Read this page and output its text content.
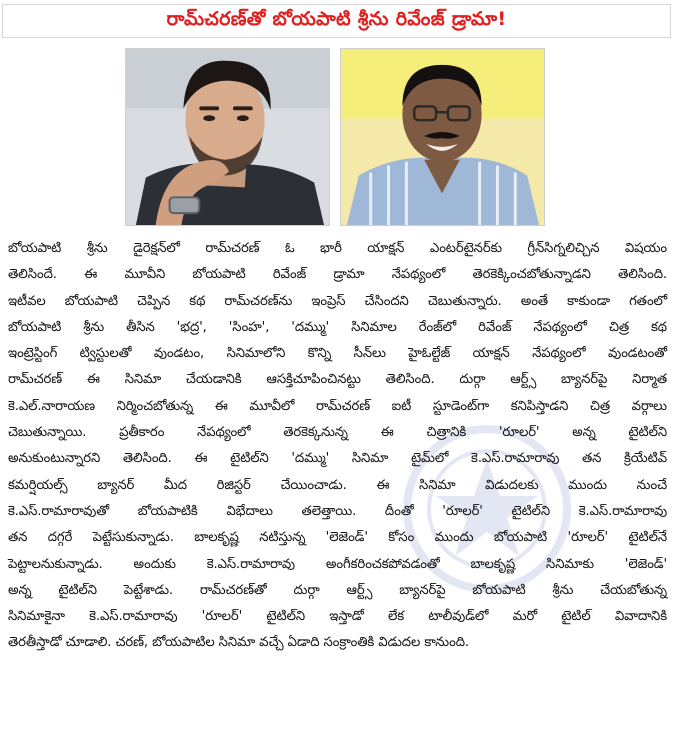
రామ్‌చరణ్‌తో బోయపాటి శ్రీను రివేంజ్ డ్రామా!
బోయపాటి శ్రీను డైరెక్షన్‌లో రామ్‌చరణ్ ఓ భారీ యాక్షన్ ఎంటర్‌టైనర్‌కు గ్రీన్‌సిగ్నలిచ్చిన విషయం
తెలిసిందే. ఈ మూవీని బోయపాటి రివేంజ్ డ్రామా నేపథ్యంలో తెరకెక్కించబోతున్నాడని తెలిసింది.
ఇటీవల బోయపాటి చెప్పిన కథ రామ్‌చరణ్‌ను ఇంప్రెస్ చేసిందని చెబుతున్నారు. అంతే కాకుండా గతంలో
బోయపాటి శ్రీను తీసిన 'భద్ర', 'సింహ', 'దమ్ము' సినిమాల రేంజ్‌లో రివేంజ్ నేపథ్యంలో చిత్ర కథ
ఇంట్రెస్టింగ్ ట్విస్టులతో వుండటం, సినిమాలోని కొన్ని సీన్‌లు హైఓల్టేజ్ యాక్షన్ నేపథ్యంలో వుండటంతో
రామ్‌చరణ్ ఈ సినిమా చేయడానికి ఆసక్తిచూపించినట్టు తెలిసింది. దుర్గా ఆర్ట్స్ బ్యానర్‌పై నిర్మాత
కె.ఎల్.నారాయణ నిర్మించబోతున్న ఈ మూవీలో రామ్‌చరణ్ ఐటీ స్టూడెంట్‌గా కనిపిస్తాడని చిత్ర వర్గాలు
చెబుతున్నాయి. ప్రతీకారం నేపథ్యంలో తెరకెక్కనున్న ఈ చిత్రానికి 'రూలర్' అన్న టైటిల్‌ని
అనుకుంటున్నారని తెలిసింది. ఈ టైటిల్‌ని 'దమ్ము' సినిమా టైమ్‌లో కె.ఎస్.రామారావు తన క్రియేటివ్
కమర్షియల్స్ బ్యానర్ మీద రిజిస్టర్ చేయించాడు. ఈ సినిమా విడుదలకు ముందు నుంచే
కె.ఎస్.రామారావుతో బోయపాటికి విభేదాలు తలెత్తాయి. దీంతో 'రూలర్' టైటిల్‌ని కె.ఎస్.రామారావు
తన దగ్గరే పెట్టేసుకున్నాడు. బాలకృష్ణ నటిస్తున్న 'లెజెండ్' కోసం ముందు బోయపాటి 'రూలర్' టైటిల్‌నే
పెట్టాలనుకున్నాడు. అందుకు కె.ఎస్.రామారావు అంగీకరించకపోవడంతో బాలకృష్ణ సినిమాకు 'లెజెండ్'
అన్న టైటిల్‌ని పెట్టేశాడు. రామ్‌చరణ్‌తో దుర్గా ఆర్ట్స్ బ్యానర్‌పై బోయపాటి శ్రీను చేయబోతున్న
సినిమాకైనా కె.ఎస్.రామారావు 'రూలర్' టైటిల్‌ని ఇస్తాడో లేక టాలీవుడ్‌లో మరో టైటిల్ వివాదానికి
తెరతీస్తాడో చూడాలి. చరణ్, బోయపాటిల సినిమా వచ్చే ఏడాది సంక్రాంతికి విడుదల కానుంది.
